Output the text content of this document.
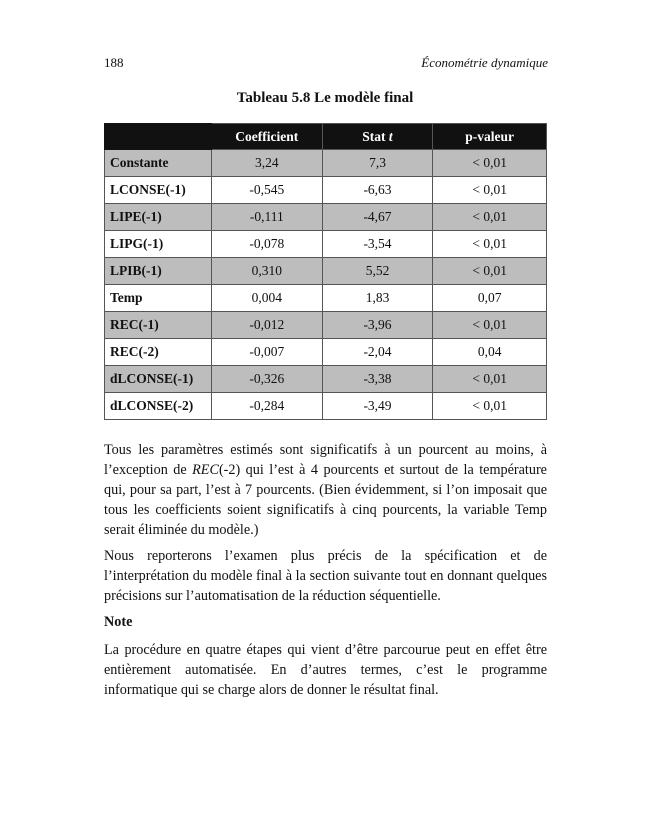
188	Économétrie dynamique
Tableau 5.8 Le modèle final
	Coefficient	Stat t	p-valeur
Constante	3,24	7,3	< 0,01
LCONSE(-1)	-0,545	-6,63	< 0,01
LIPE(-1)	-0,111	-4,67	< 0,01
LIPG(-1)	-0,078	-3,54	< 0,01
LPIB(-1)	0,310	5,52	< 0,01
Temp	0,004	1,83	0,07
REC(-1)	-0,012	-3,96	< 0,01
REC(-2)	-0,007	-2,04	0,04
dLCONSE(-1)	-0,326	-3,38	< 0,01
dLCONSE(-2)	-0,284	-3,49	< 0,01
Tous les paramètres estimés sont significatifs à un pourcent au moins, à l’exception de REC(-2) qui l’est à 4 pourcents et surtout de la température qui, pour sa part, l’est à 7 pourcents. (Bien évidemment, si l’on imposait que tous les coefficients soient significatifs à cinq pourcents, la variable Temp serait éliminée du modèle.)
Nous reporterons l’examen plus précis de la spécification et de l’interprétation du modèle final à la section suivante tout en donnant quelques précisions sur l’automatisation de la réduction séquentielle.
Note
La procédure en quatre étapes qui vient d’être parcourue peut en effet être entièrement automatisée. En d’autres termes, c’est le programme informatique qui se charge alors de donner le résultat final.
